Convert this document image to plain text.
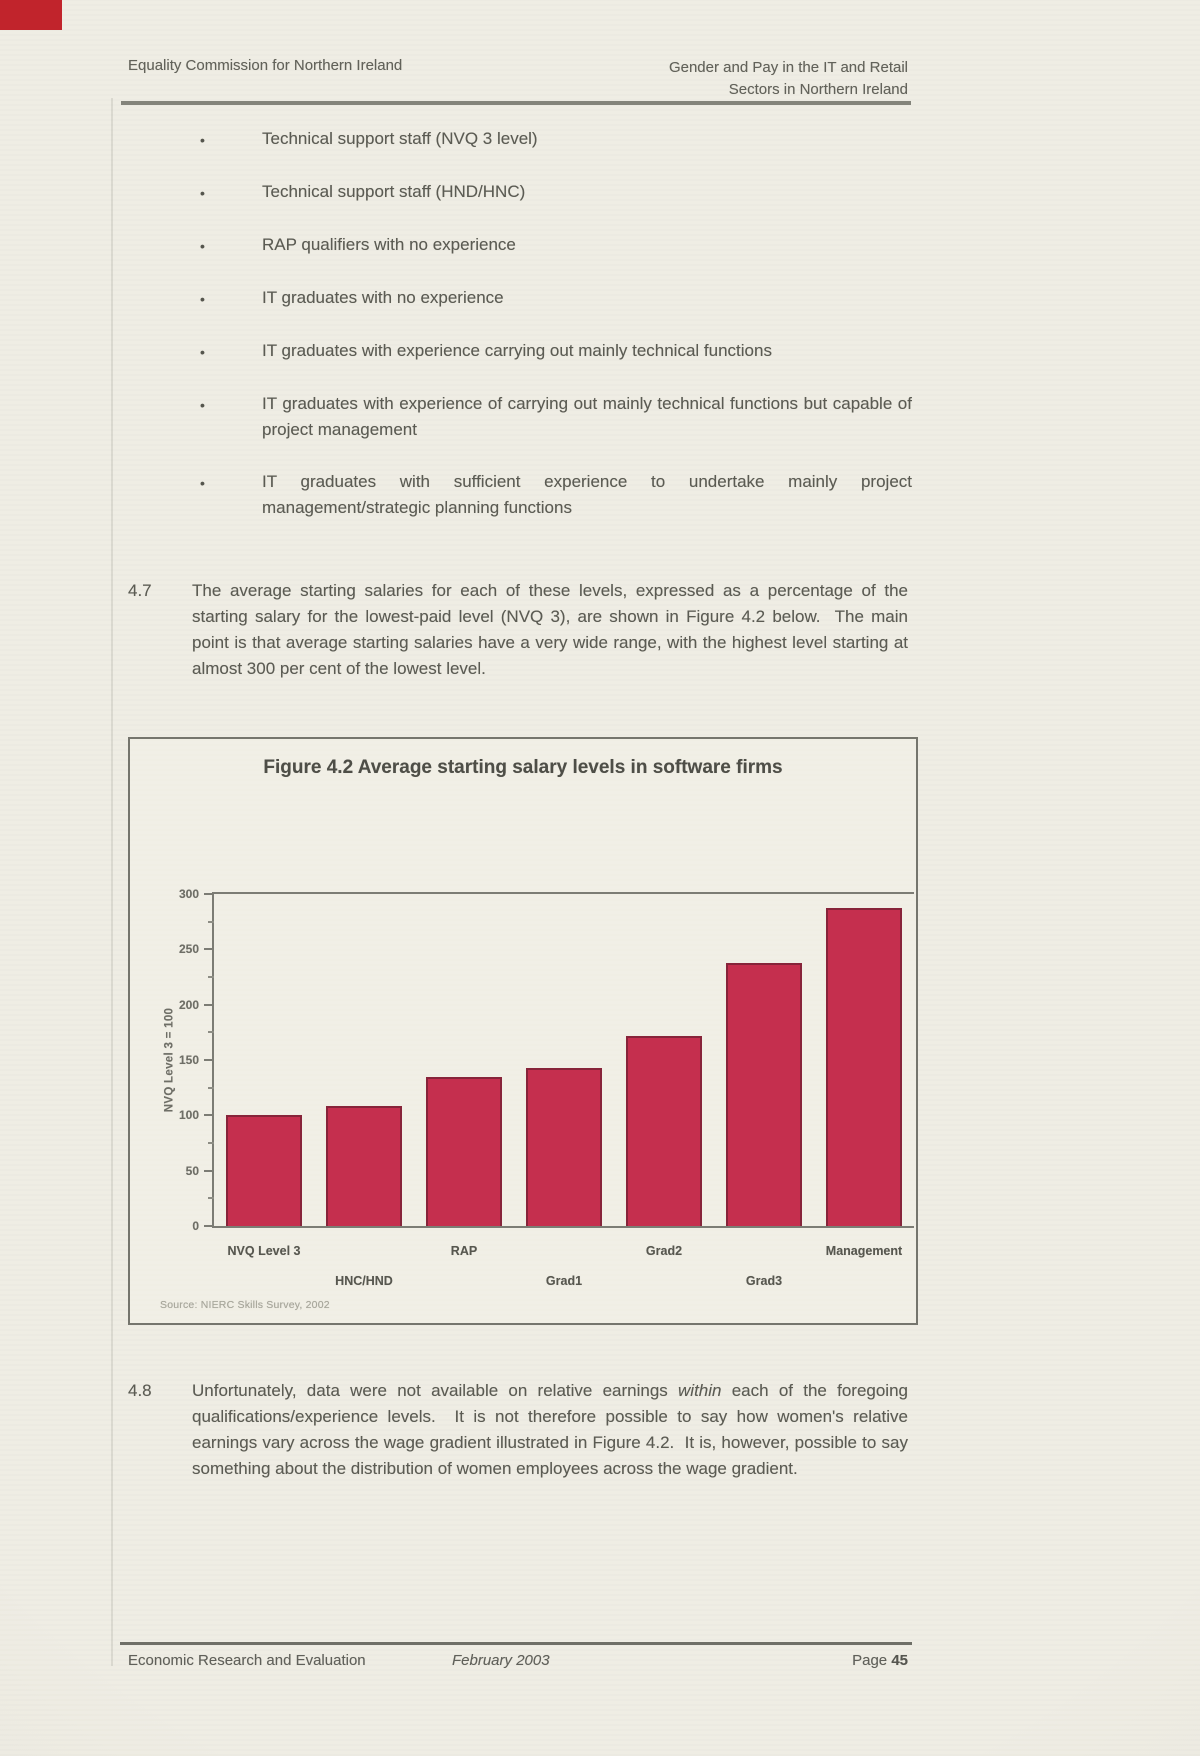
Equality Commission for Northern Ireland	Gender and Pay in the IT and Retail
Sectors in Northern Ireland
•	Technical support staff (NVQ 3 level)
•	Technical support staff (HND/HNC)
•	RAP qualifiers with no experience
•	IT graduates with no experience
•	IT graduates with experience carrying out mainly technical functions
•	IT graduates with experience of carrying out mainly technical functions but capable of project management
•	IT graduates with sufficient experience to undertake mainly project management/strategic planning functions
4.7 The average starting salaries for each of these levels, expressed as a percentage of the starting salary for the lowest-paid level (NVQ 3), are shown in Figure 4.2 below.  The main point is that average starting salaries have a very wide range, with the highest level starting at almost 300 per cent of the lowest level.
Figure 4.2 Average starting salary levels in software firms
NVQ Level 3 = 100
NVQ Level 3
HNC/HND
RAP
Grad1
Grad2
Grad3
Management
0
50
100
150
200
250
300
Source: NIERC Skills Survey, 2002
4.8 Unfortunately, data were not available on relative earnings within each of the foregoing qualifications/experience levels.  It is not therefore possible to say how women's relative earnings vary across the wage gradient illustrated in Figure 4.2.  It is, however, possible to say something about the distribution of women employees across the wage gradient.
Economic Research and Evaluation	February 2003	Page 45
